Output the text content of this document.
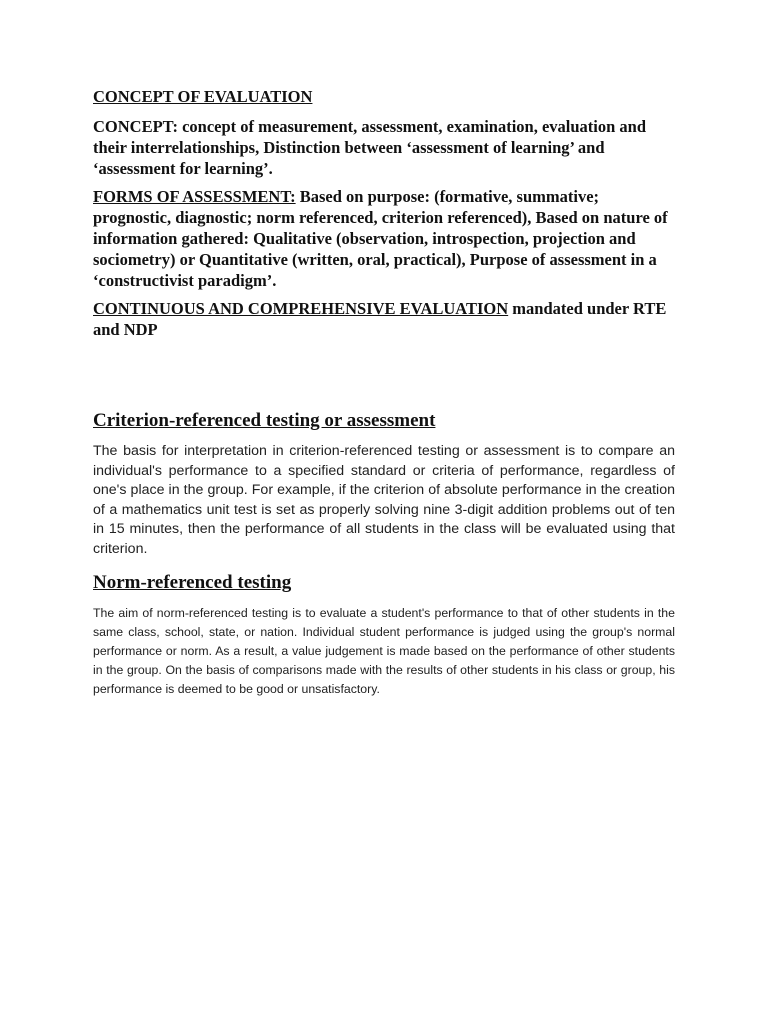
CONCEPT OF EVALUATION

CONCEPT: concept of measurement, assessment, examination, evaluation and their interrelationships, Distinction between ‘assessment of learning’ and ‘assessment for learning’.

FORMS OF ASSESSMENT: Based on purpose: (formative, summative; prognostic, diagnostic; norm referenced, criterion referenced), Based on nature of information gathered: Qualitative (observation, introspection, projection and sociometry) or Quantitative (written, oral, practical), Purpose of assessment in a ‘constructivist paradigm’.

CONTINUOUS AND COMPREHENSIVE EVALUATION mandated under RTE and NDP

Criterion-referenced testing or assessment

The basis for interpretation in criterion-referenced testing or assessment is to compare an individual's performance to a specified standard or criteria of performance, regardless of one's place in the group. For example, if the criterion of absolute performance in the creation of a mathematics unit test is set as properly solving nine 3-digit addition problems out of ten in 15 minutes, then the performance of all students in the class will be evaluated using that criterion.

Norm-referenced testing

The aim of norm-referenced testing is to evaluate a student's performance to that of other students in the same class, school, state, or nation. Individual student performance is judged using the group's normal performance or norm. As a result, a value judgement is made based on the performance of other students in the group. On the basis of comparisons made with the results of other students in his class or group, his performance is deemed to be good or unsatisfactory.
